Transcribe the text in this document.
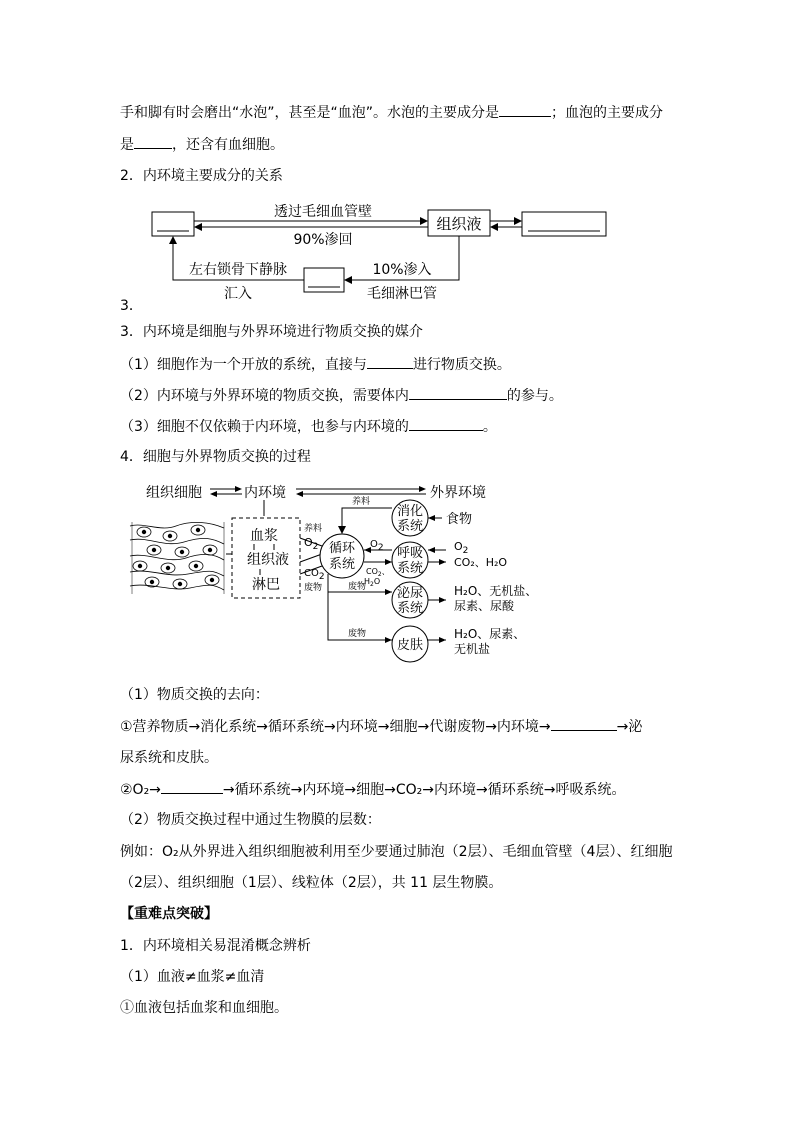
手和脚有时会磨出“水泡”，甚至是“血泡”。水泡的主要成分是	；血泡的主要成分
是	，还含有血细胞。
2．内环境主要成分的关系
组织液
透过毛细血管壁
90%渗回
10%渗入
毛细淋巴管
左右锁骨下静脉
汇入
3．
3．内环境是细胞与外界环境进行物质交换的媒介
（1）细胞作为一个开放的系统，直接与	进行物质交换。
（2）内环境与外界环境的物质交换，需要体内	的参与。
（3）细胞不仅依赖于内环境，也参与内环境的	。
4．细胞与外界物质交换的过程
组织细胞	内环境	外界环境
血浆
组织液
淋巴
循环
系统
养料
$O_2$
CO2
废物
消化
系统
养料
食物
呼吸
系统
O2
$CO_2$、
$H_2O$
$O_2$
CO₂、H₂O
泌尿
系统
废物	H₂O、无机盐、
尿素、尿酸
皮肤
废物	H₂O、尿素、
无机盐
（1）物质交换的去向：
①营养物质→消化系统→循环系统→内环境→细胞→代谢废物→内环境→	→泌
尿系统和皮肤。
②O₂→	→循环系统→内环境→细胞→CO₂→内环境→循环系统→呼吸系统。
（2）物质交换过程中通过生物膜的层数：
例如：O₂从外界进入组织细胞被利用至少要通过肺泡（2层）、毛细血管壁（4层）、红细胞
（2层）、组织细胞（1层）、线粒体（2层），共 11 层生物膜。
【重难点突破】
1．内环境相关易混淆概念辨析
（1）血液≠血浆≠血清
①血液包括血浆和血细胞。
